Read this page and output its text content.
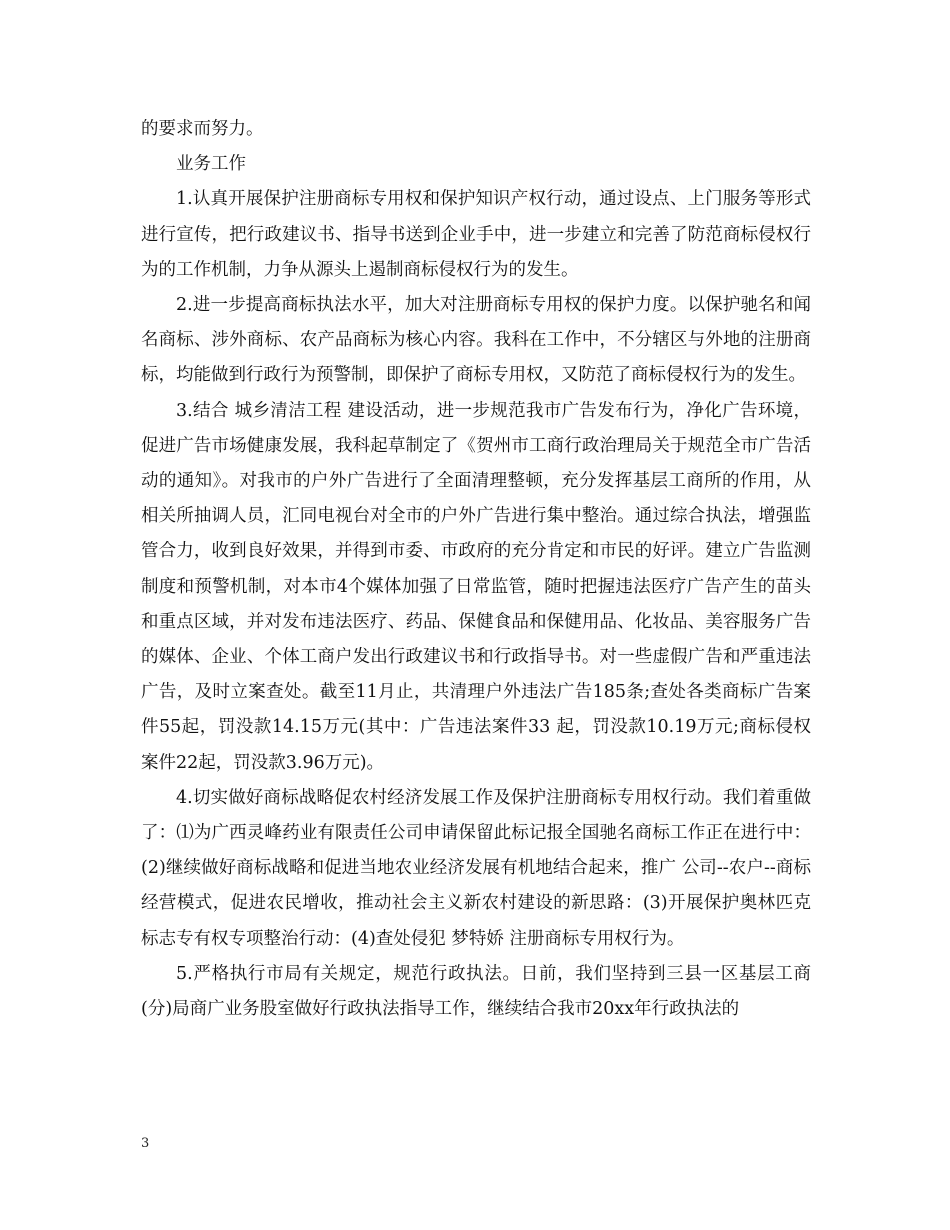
的要求而努力。

业务工作

1.认真开展保护注册商标专用权和保护知识产权行动，通过设点、上门服务等形式进行宣传，把行政建议书、指导书送到企业手中，进一步建立和完善了防范商标侵权行为的工作机制，力争从源头上遏制商标侵权行为的发生。

2.进一步提高商标执法水平，加大对注册商标专用权的保护力度。以保护驰名和闻名商标、涉外商标、农产品商标为核心内容。我科在工作中，不分辖区与外地的注册商标，均能做到行政行为预警制，即保护了商标专用权，又防范了商标侵权行为的发生。

3.结合 城乡清洁工程 建设活动，进一步规范我市广告发布行为，净化广告环境，促进广告市场健康发展，我科起草制定了《贺州市工商行政治理局关于规范全市广告活动的通知》。对我市的户外广告进行了全面清理整顿，充分发挥基层工商所的作用，从相关所抽调人员，汇同电视台对全市的户外广告进行集中整治。通过综合执法，增强监管合力，收到良好效果，并得到市委、市政府的充分肯定和市民的好评。建立广告监测制度和预警机制，对本市4个媒体加强了日常监管，随时把握违法医疗广告产生的苗头和重点区域，并对发布违法医疗、药品、保健食品和保健用品、化妆品、美容服务广告的媒体、企业、个体工商户发出行政建议书和行政指导书。对一些虚假广告和严重违法广告，及时立案查处。截至11月止，共清理户外违法广告185条;查处各类商标广告案件55起，罚没款14.15万元(其中：广告违法案件33 起，罚没款10.19万元;商标侵权案件22起，罚没款3.96万元)。

4.切实做好商标战略促农村经济发展工作及保护注册商标专用权行动。我们着重做了：⑴为广西灵峰药业有限责任公司申请保留此标记报全国驰名商标工作正在进行中：(2)继续做好商标战略和促进当地农业经济发展有机地结合起来，推广 公司--农户--商标 经营模式，促进农民增收，推动社会主义新农村建设的新思路：(3)开展保护奥林匹克标志专有权专项整治行动：(4)查处侵犯 梦特娇 注册商标专用权行为。

5.严格执行市局有关规定，规范行政执法。日前，我们坚持到三县一区基层工商(分)局商广业务股室做好行政执法指导工作，继续结合我市20xx年行政执法的

3
